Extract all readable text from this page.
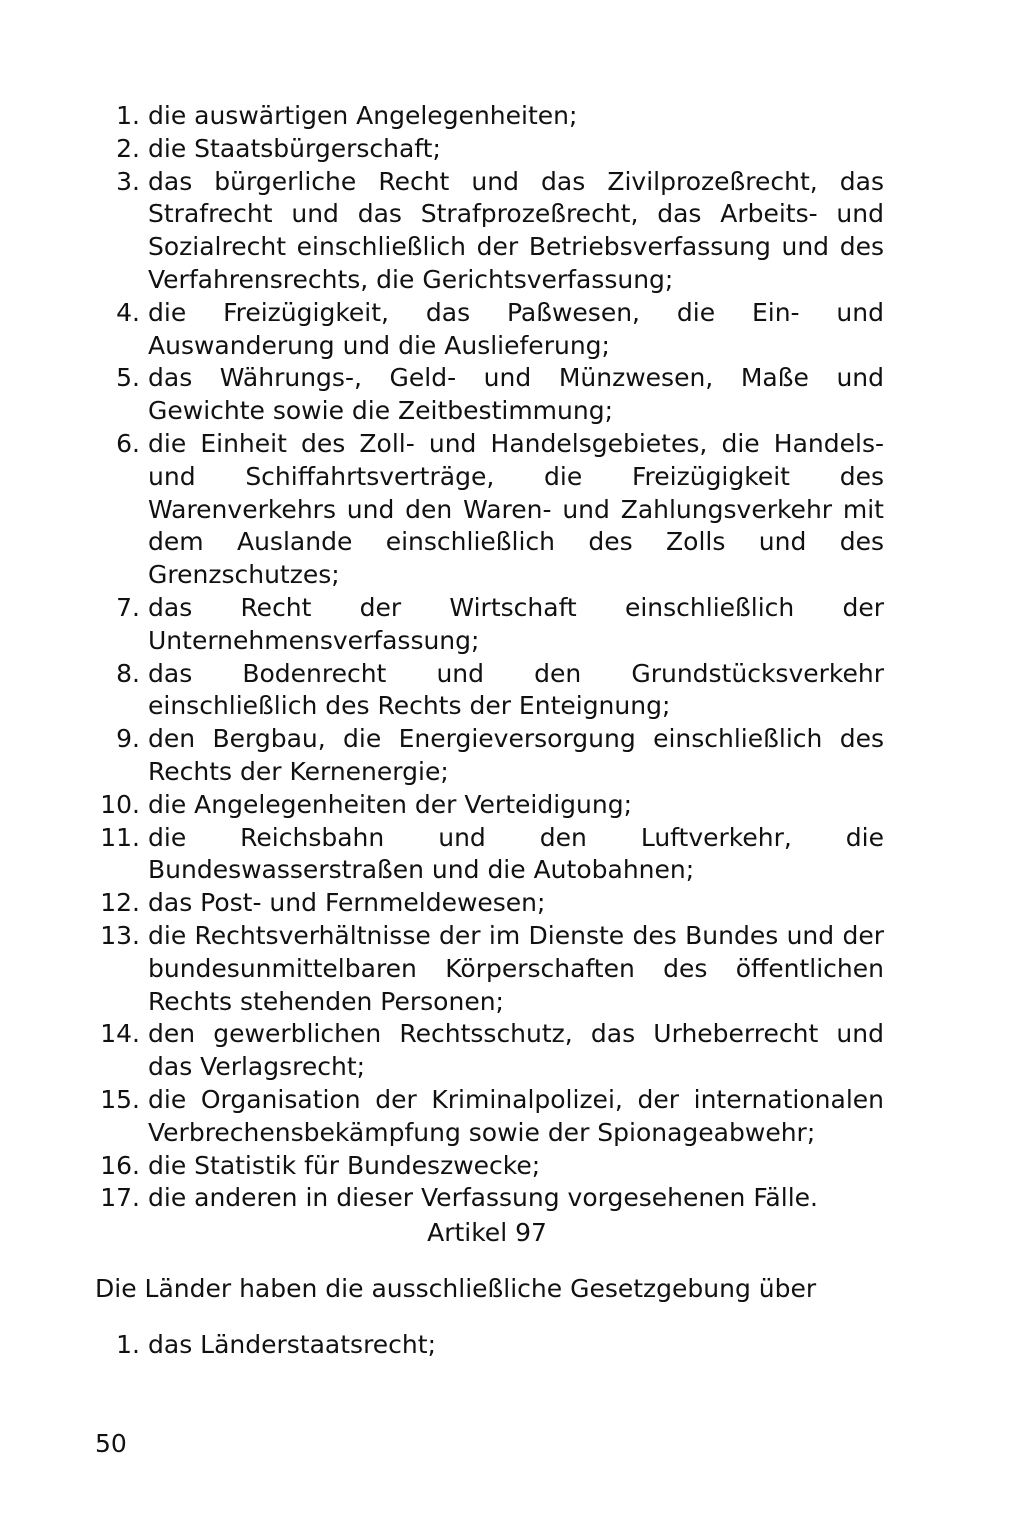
1. die auswärtigen Angelegenheiten;
2. die Staatsbürgerschaft;
3. das bürgerliche Recht und das Zivilprozeßrecht, das Strafrecht und das Strafprozeßrecht, das Arbeits- und Sozialrecht einschließlich der Betriebsverfassung und des Verfahrensrechts, die Gerichtsverfassung;
4. die Freizügigkeit, das Paßwesen, die Ein- und Auswanderung und die Auslieferung;
5. das Währungs-, Geld- und Münzwesen, Maße und Gewichte sowie die Zeitbestimmung;
6. die Einheit des Zoll- und Handelsgebietes, die Handels- und Schiffahrtsverträge, die Freizügigkeit des Warenverkehrs und den Waren- und Zahlungsverkehr mit dem Auslande einschließlich des Zolls und des Grenzschutzes;
7. das Recht der Wirtschaft einschließlich der Unternehmensverfassung;
8. das Bodenrecht und den Grundstücksverkehr einschließlich des Rechts der Enteignung;
9. den Bergbau, die Energieversorgung einschließlich des Rechts der Kernenergie;
10. die Angelegenheiten der Verteidigung;
11. die Reichsbahn und den Luftverkehr, die Bundeswasserstraßen und die Autobahnen;
12. das Post- und Fernmeldewesen;
13. die Rechtsverhältnisse der im Dienste des Bundes und der bundesunmittelbaren Körperschaften des öffentlichen Rechts stehenden Personen;
14. den gewerblichen Rechtsschutz, das Urheberrecht und das Verlagsrecht;
15. die Organisation der Kriminalpolizei, der internationalen Verbrechensbekämpfung sowie der Spionageabwehr;
16. die Statistik für Bundeszwecke;
17. die anderen in dieser Verfassung vorgesehenen Fälle.
Artikel 97
Die Länder haben die ausschließliche Gesetzgebung über
1. das Länderstaatsrecht;
50
